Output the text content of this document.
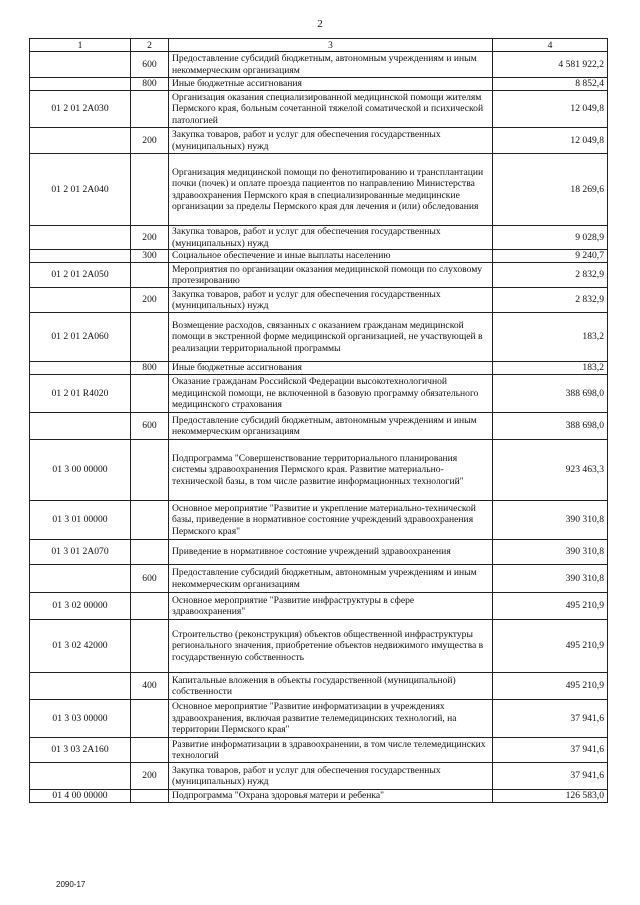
2
1	2	3	4
	600	Предоставление субсидий бюджетным, автономным учреждениям и иным некоммерческим организациям	4 581 922,2
	800	Иные бюджетные ассигнования	8 852,4
01 2 01 2А030		Организация оказания специализированной медицинской помощи жителям Пермского края, больным сочетанной тяжелой соматической и психической патологией	12 049,8
	200	Закупка товаров, работ и услуг для обеспечения государственных (муниципальных) нужд	12 049,8
01 2 01 2А040		Организация медицинской помощи по фенотипированию и трансплантации почки (почек) и оплате проезда пациентов по направлению Министерства здравоохранения Пермского края в специализированные медицинские организации за пределы Пермского края для лечения и (или) обследования	18 269,6
	200	Закупка товаров, работ и услуг для обеспечения государственных (муниципальных) нужд	9 028,9
	300	Социальное обеспечение и иные выплаты населению	9 240,7
01 2 01 2А050		Мероприятия по организации оказания медицинской помощи по слуховому протезированию	2 832,9
	200	Закупка товаров, работ и услуг для обеспечения государственных (муниципальных) нужд	2 832,9
01 2 01 2А060		Возмещение расходов, связанных с оказанием гражданам медицинской помощи в экстренной форме медицинской организацией, не участвующей в реализации территориальной программы	183,2
	800	Иные бюджетные ассигнования	183,2
01 2 01 R4020		Оказание гражданам Российской Федерации высокотехнологичной медицинской помощи, не включенной в базовую программу обязательного медицинского страхования	388 698,0
	600	Предоставление субсидий бюджетным, автономным учреждениям и иным некоммерческим организациям	388 698,0
01 3 00 00000		Подпрограмма "Совершенствование территориального планирования системы здравоохранения Пермского края. Развитие материально-технической базы, в том числе развитие информационных технологий"	923 463,3
01 3 01 00000		Основное мероприятие "Развитие и укрепление материально-технической базы, приведение в нормативное состояние учреждений здравоохранения Пермского края"	390 310,8
01 3 01 2А070		Приведение в нормативное состояние учреждений здравоохранения	390 310,8
	600	Предоставление субсидий бюджетным, автономным учреждениям и иным некоммерческим организациям	390 310,8
01 3 02 00000		Основное мероприятие "Развитие инфраструктуры в сфере здравоохранения"	495 210,9
01 3 02 42000		Строительство (реконструкция) объектов общественной инфраструктуры регионального значения, приобретение объектов недвижимого имущества в государственную собственность	495 210,9
	400	Капитальные вложения в объекты государственной (муниципальной) собственности	495 210,9
01 3 03 00000		Основное мероприятие "Развитие информатизации в учреждениях здравоохранения, включая развитие телемедицинских технологий, на территории Пермского края"	37 941,6
01 3 03 2А160		Развитие информатизации в здравоохранении, в том числе телемедицинских технологий	37 941,6
	200	Закупка товаров, работ и услуг для обеспечения государственных (муниципальных) нужд	37 941,6
01 4 00 00000		Подпрограмма "Охрана здоровья матери и ребенка"	126 583,0
2090-17
